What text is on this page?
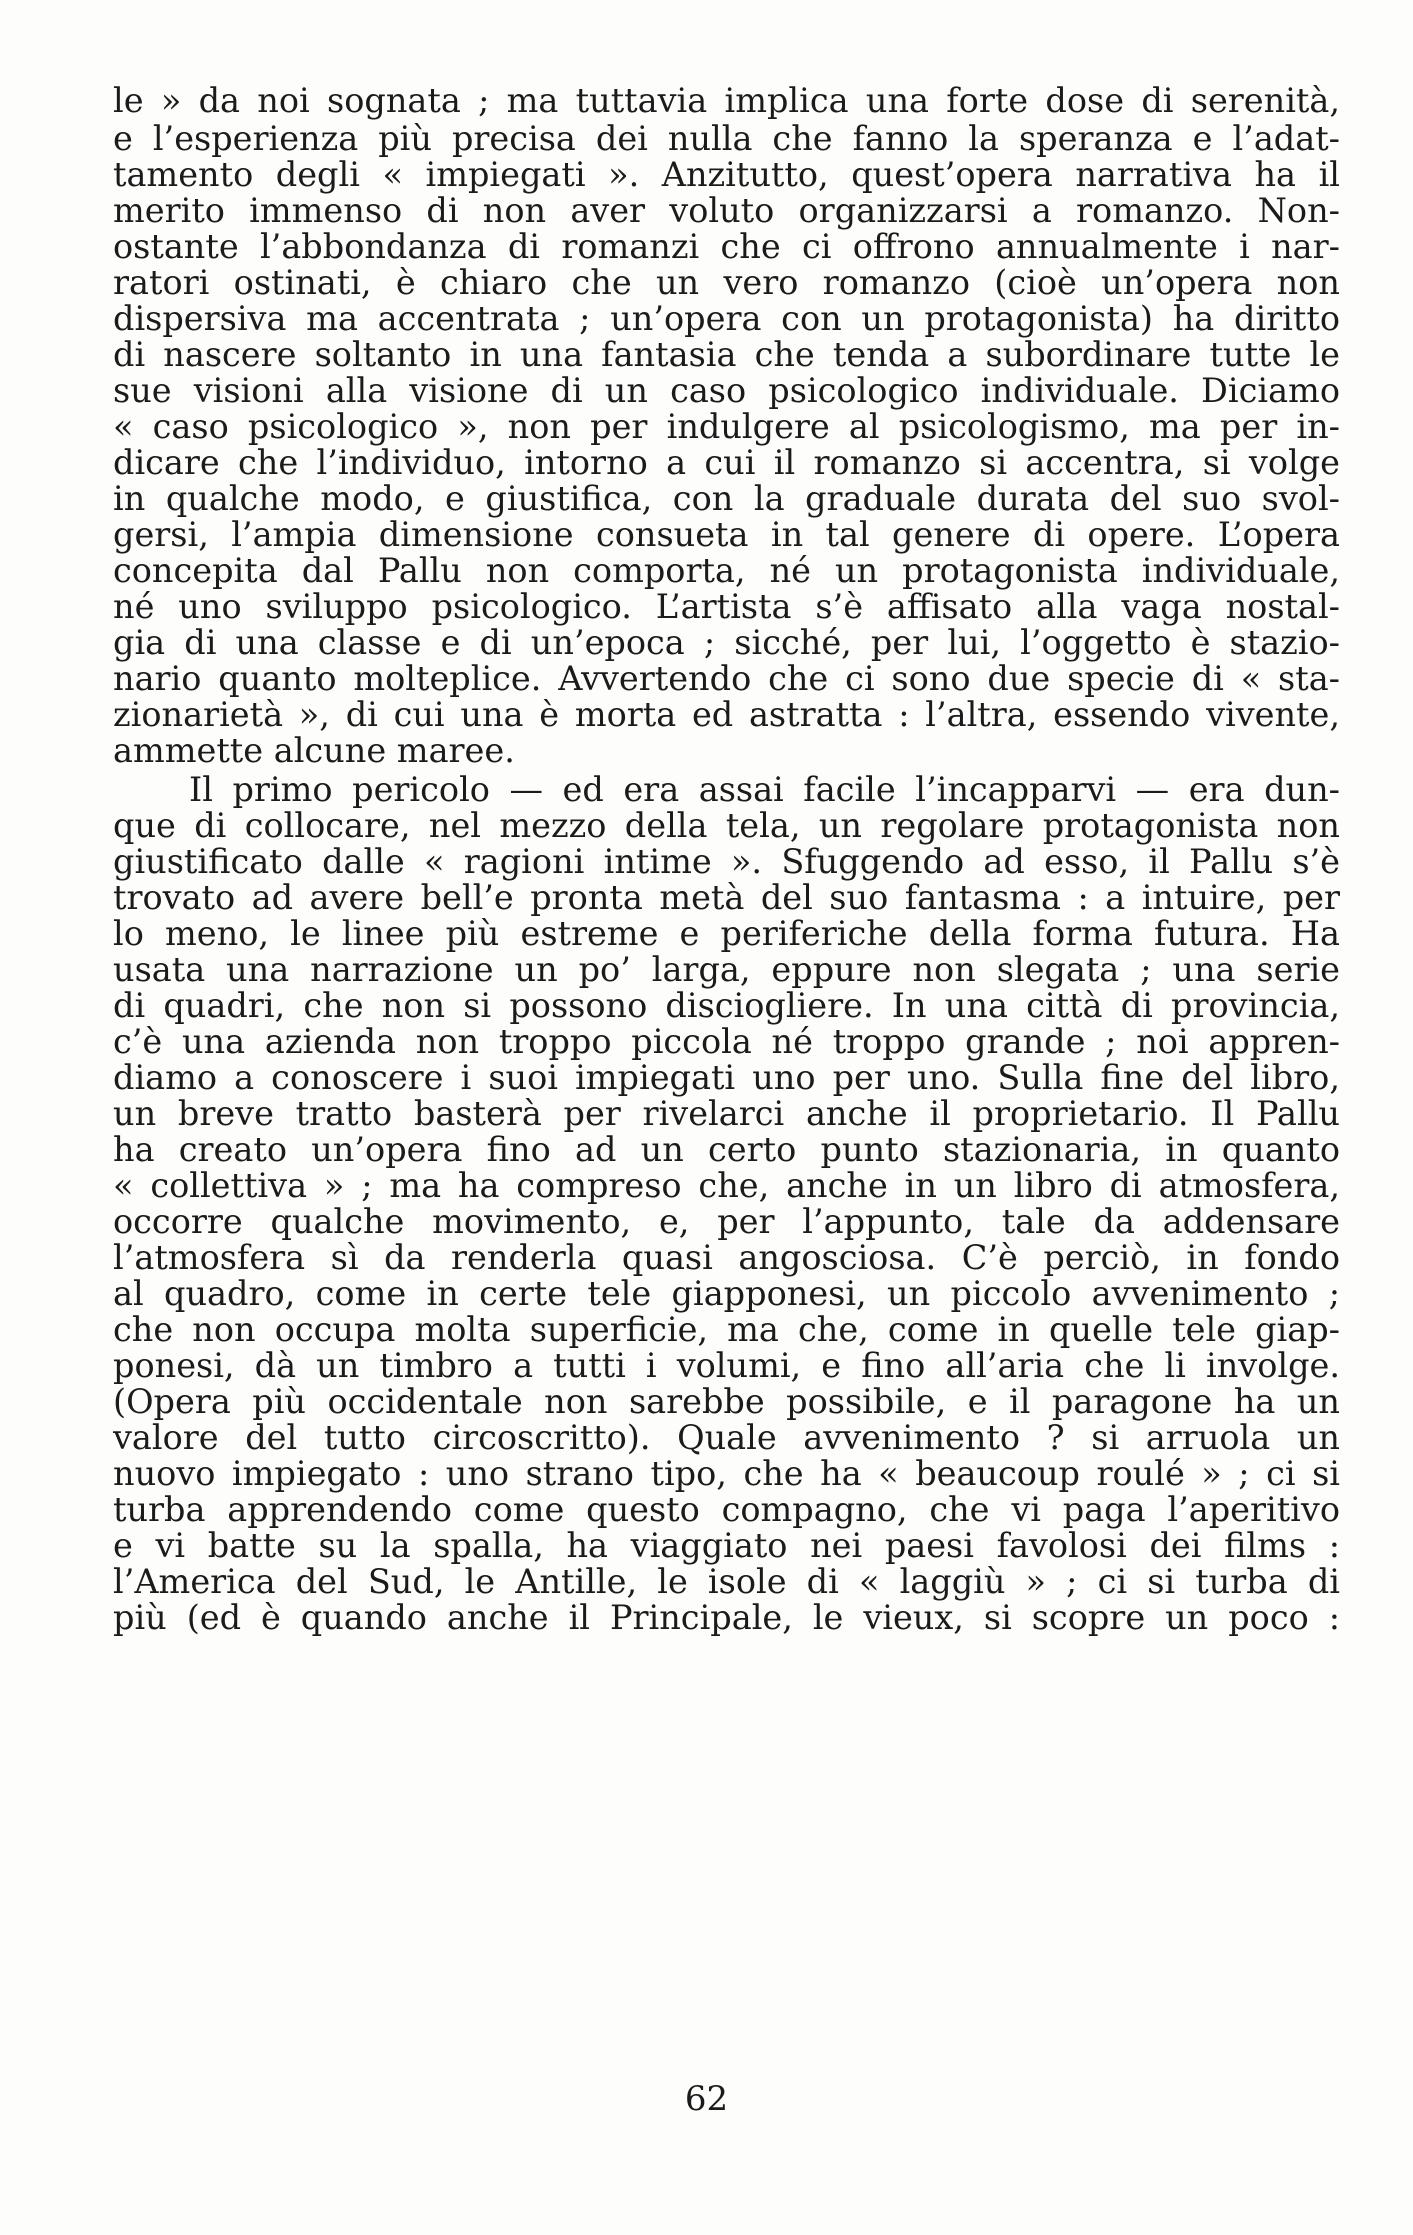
le » da noi sognata ; ma tuttavia implica una forte dose di serenità,
e l’esperienza più precisa dei nulla che fanno la speranza e l’adat-
tamento degli « impiegati ». Anzitutto, quest’opera narrativa ha il
merito immenso di non aver voluto organizzarsi a romanzo. Non-
ostante l’abbondanza di romanzi che ci offrono annualmente i nar-
ratori ostinati, è chiaro che un vero romanzo (cioè un’opera non
dispersiva ma accentrata ; un’opera con un protagonista) ha diritto
di nascere soltanto in una fantasia che tenda a subordinare tutte le
sue visioni alla visione di un caso psicologico individuale. Diciamo
« caso psicologico », non per indulgere al psicologismo, ma per in-
dicare che l’individuo, intorno a cui il romanzo si accentra, si volge
in qualche modo, e giustifica, con la graduale durata del suo svol-
gersi, l’ampia dimensione consueta in tal genere di opere. L’opera
concepita dal Pallu non comporta, né un protagonista individuale,
né uno sviluppo psicologico. L’artista s’è affisato alla vaga nostal-
gia di una classe e di un’epoca ; sicché, per lui, l’oggetto è stazio-
nario quanto molteplice. Avvertendo che ci sono due specie di « sta-
zionarietà », di cui una è morta ed astratta : l’altra, essendo vivente,
ammette alcune maree.
Il primo pericolo — ed era assai facile l’incapparvi — era dun-
que di collocare, nel mezzo della tela, un regolare protagonista non
giustificato dalle « ragioni intime ». Sfuggendo ad esso, il Pallu s’è
trovato ad avere bell’e pronta metà del suo fantasma : a intuire, per
lo meno, le linee più estreme e periferiche della forma futura. Ha
usata una narrazione un po’ larga, eppure non slegata ; una serie
di quadri, che non si possono disciogliere. In una città di provincia,
c’è una azienda non troppo piccola né troppo grande ; noi appren-
diamo a conoscere i suoi impiegati uno per uno. Sulla fine del libro,
un breve tratto basterà per rivelarci anche il proprietario. Il Pallu
ha creato un’opera fino ad un certo punto stazionaria, in quanto
« collettiva » ; ma ha compreso che, anche in un libro di atmosfera,
occorre qualche movimento, e, per l’appunto, tale da addensare
l’atmosfera sì da renderla quasi angosciosa. C’è perciò, in fondo
al quadro, come in certe tele giapponesi, un piccolo avvenimento ;
che non occupa molta superficie, ma che, come in quelle tele giap-
ponesi, dà un timbro a tutti i volumi, e fino all’aria che li involge.
(Opera più occidentale non sarebbe possibile, e il paragone ha un
valore del tutto circoscritto). Quale avvenimento ? si arruola un
nuovo impiegato : uno strano tipo, che ha « beaucoup roulé » ; ci si
turba apprendendo come questo compagno, che vi paga l’aperitivo
e vi batte su la spalla, ha viaggiato nei paesi favolosi dei films :
l’America del Sud, le Antille, le isole di « laggiù » ; ci si turba di
più (ed è quando anche il Principale, le vieux, si scopre un poco :
62
